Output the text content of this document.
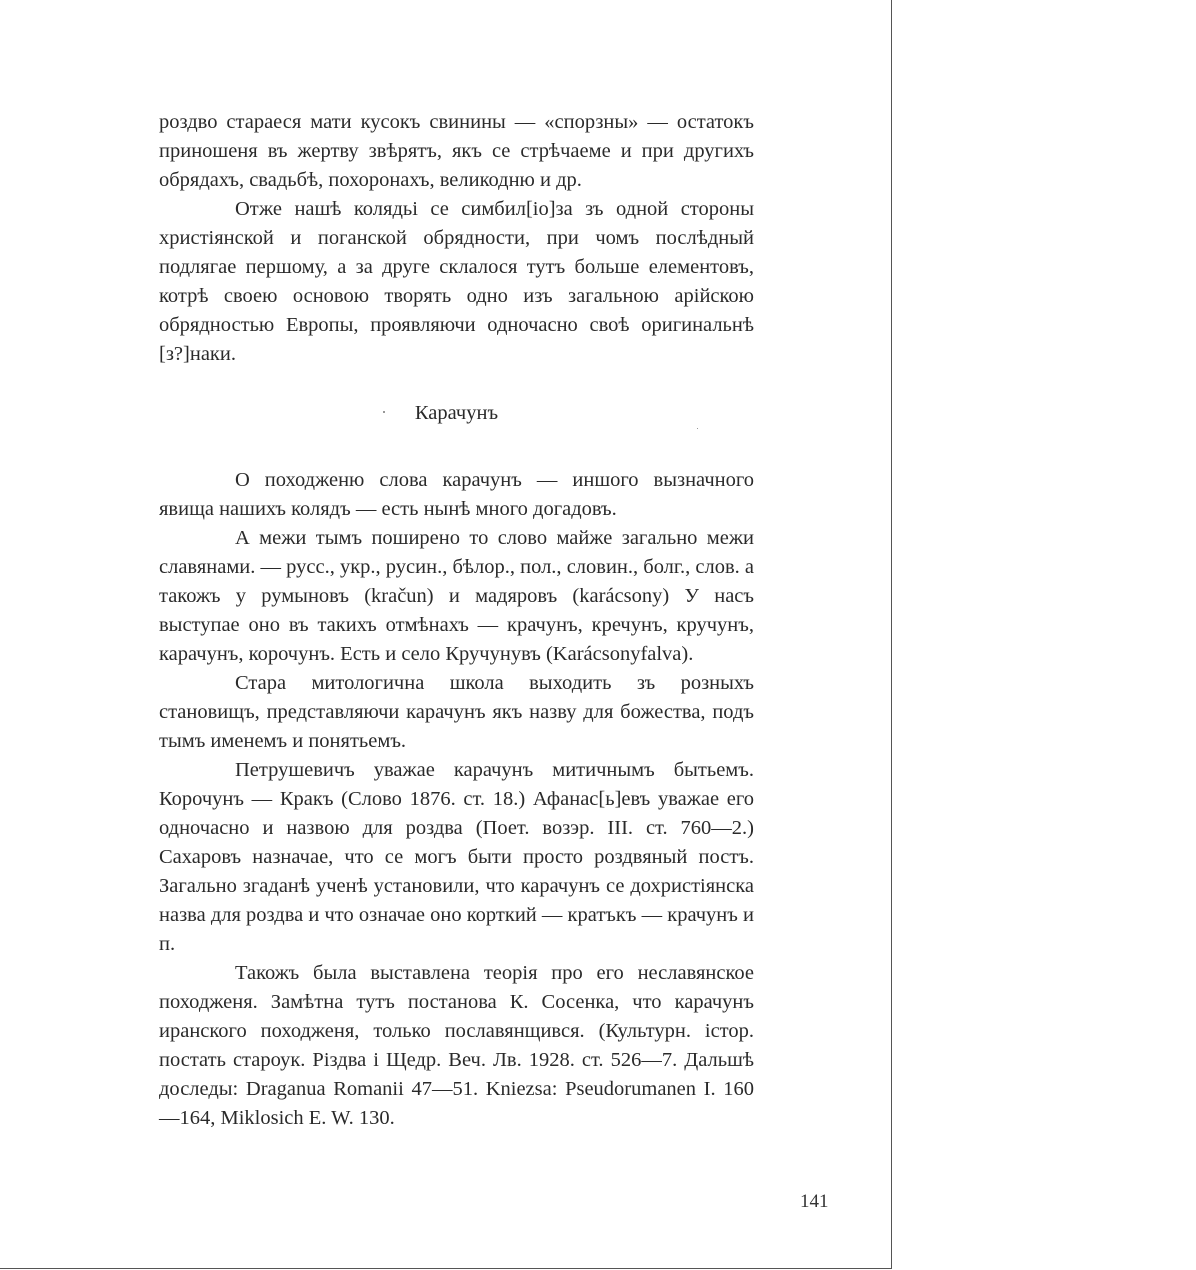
роздво стараеся мати кусокъ свинины — «спорзны» — остатокъ приношеня въ жертву звѣрятъ, якъ се стрѣчаеме и при другихъ обрядахъ, свадьбѣ, похоронахъ, великодню и др.

Отже нашѣ колядьі се симбил[іо]за зъ одной стороны христіянской и поганской обрядности, при чомъ послѣдный подлягае першому, а за друге склалося тутъ больше елементовъ, котрѣ своею основою творять одно изъ загальною арійскою обрядностью Европы, проявляючи одночасно своѣ оригинальнѣ [з?]наки.

Карачунъ

О походженю слова карачунъ — иншого вызначного явища нашихъ колядъ — есть нынѣ много догадовъ.

А межи тымъ поширено то слово майже загально межи славянами. — русс., укр., русин., бѣлор., пол., словин., болг., слов. а такожъ у румыновъ (kračun) и мадяровъ (karácsony) У насъ выступае оно въ такихъ отмѣнахъ — крачунъ, кречунъ, кручунъ, карачунъ, корочунъ. Есть и село Кручунувъ (Karácsonyfalva).

Стара митологична школа выходить зъ розныхъ становищъ, представляючи карачунъ якъ назву для божества, подъ тымъ именемъ и понятьемъ.

Петрушевичъ уважае карачунъ митичнымъ бытьемъ. Корочунъ — Кракъ (Слово 1876. ст. 18.) Афанас[ь]евъ уважае его одночасно и назвою для роздва (Поет. возэр. ІІІ. ст. 760—2.) Сахаровъ назначае, что се могъ быти просто роздвяный постъ. Загально згаданѣ ученѣ установили, что карачунъ се дохристіянска назва для роздва и что означае оно корткий — кратъкъ — крачунъ и п.

Такожъ была выставлена теорія про его неславянское походженя. Замѣтна тутъ постанова К. Сосенка, что карачунъ иранского походженя, только пославянщився. (Культурн. істор. постать староук. Різдва і Щедр. Веч. Лв. 1928. ст. 526—7. Дальшѣ доследы: Draganua Romanii 47—51. Kniezsa: Pseudorumanen I. 160—164, Miklosich E. W. 130.

141
